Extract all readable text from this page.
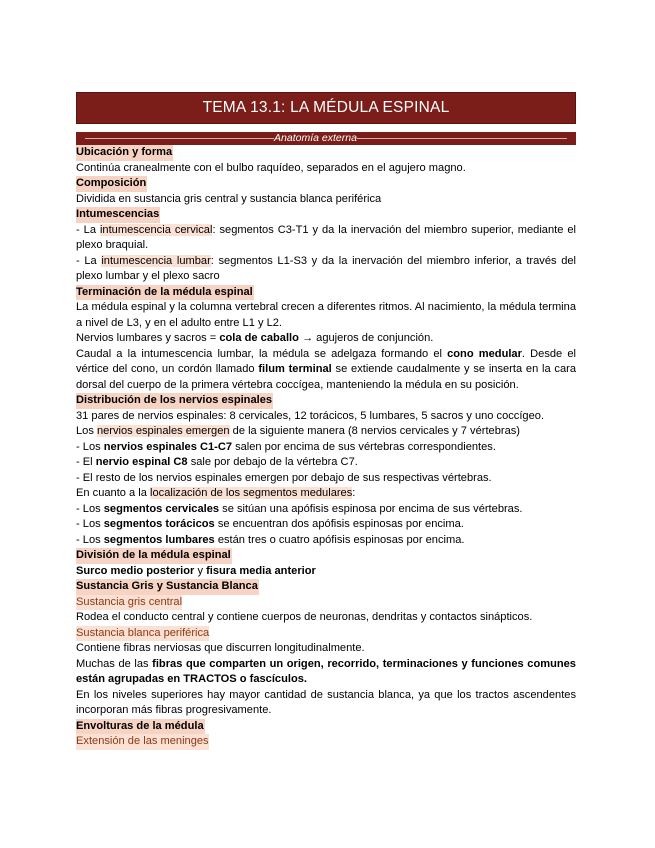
TEMA 13.1: LA MÉDULA ESPINAL
——————————————————Anatomía externa————————————————————
Ubicación y forma
Continúa cranealmente con el bulbo raquídeo, separados en el agujero magno.
Composición
Dividida en sustancia gris central y sustancia blanca periférica
Intumescencias
- La intumescencia cervical: segmentos C3-T1 y da la inervación del miembro superior, mediante el plexo braquial.
- La intumescencia lumbar: segmentos L1-S3 y da la inervación del miembro inferior, a través del plexo lumbar y el plexo sacro
Terminación de la médula espinal
La médula espinal y la columna vertebral crecen a diferentes ritmos. Al nacimiento, la médula termina a nivel de L3, y en el adulto entre L1 y L2.
Nervios lumbares y sacros = cola de caballo → agujeros de conjunción.
Caudal a la intumescencia lumbar, la médula se adelgaza formando el cono medular. Desde el vértice del cono, un cordón llamado filum terminal se extiende caudalmente y se inserta en la cara dorsal del cuerpo de la primera vértebra coccígea, manteniendo la médula en su posición.
Distribución de los nervios espinales
31 pares de nervios espinales: 8 cervicales, 12 torácicos, 5 lumbares, 5 sacros y uno coccígeo.
Los nervios espinales emergen de la siguiente manera (8 nervios cervicales y 7 vértebras)
- Los nervios espinales C1-C7 salen por encima de sus vértebras correspondientes.
- El nervio espinal C8 sale por debajo de la vértebra C7.
- El resto de los nervios espinales emergen por debajo de sus respectivas vértebras.
En cuanto a la localización de los segmentos medulares:
- Los segmentos cervicales se sitúan una apófisis espinosa por encima de sus vértebras.
- Los segmentos torácicos se encuentran dos apófisis espinosas por encima.
- Los segmentos lumbares están tres o cuatro apófisis espinosas por encima.
División de la médula espinal
Surco medio posterior y fisura media anterior
Sustancia Gris y Sustancia Blanca
Sustancia gris central
Rodea el conducto central y contiene cuerpos de neuronas, dendritas y contactos sinápticos.
Sustancia blanca periférica
Contiene fibras nerviosas que discurren longitudinalmente.
Muchas de las fibras que comparten un origen, recorrido, terminaciones y funciones comunes están agrupadas en TRACTOS o fascículos.
En los niveles superiores hay mayor cantidad de sustancia blanca, ya que los tractos ascendentes incorporan más fibras progresivamente.
Envolturas de la médula
Extensión de las meninges
